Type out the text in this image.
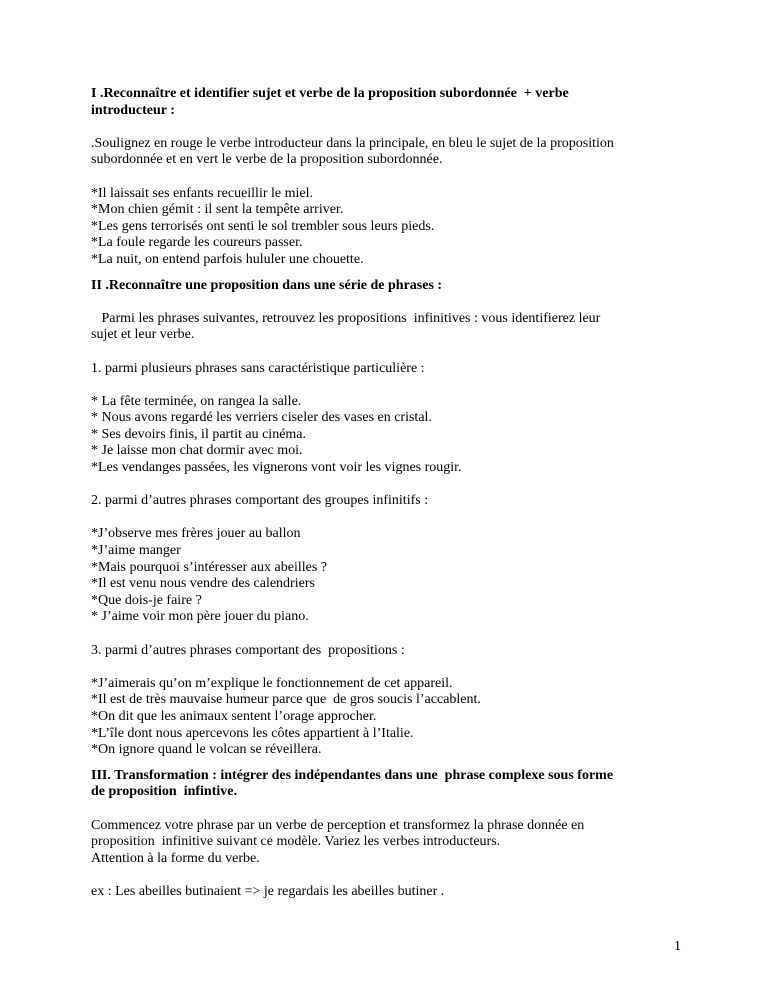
I .Reconnaître et identifier sujet et verbe de la proposition subordonnée  + verbe

introducteur :

.Soulignez en rouge le verbe introducteur dans la principale, en bleu le sujet de la proposition

subordonnée et en vert le verbe de la proposition subordonnée.

*Il laissait ses enfants recueillir le miel.

*Mon chien gémit : il sent la tempête arriver.

*Les gens terrorisés ont senti le sol trembler sous leurs pieds.

*La foule regarde les coureurs passer.

*La nuit, on entend parfois hululer une chouette.

II .Reconnaître une proposition dans une série de phrases :

Parmi les phrases suivantes, retrouvez les propositions  infinitives : vous identifierez leur

sujet et leur verbe.

1. parmi plusieurs phrases sans caractéristique particulière :

* La fête terminée, on rangea la salle.

* Nous avons regardé les verriers ciseler des vases en cristal.

* Ses devoirs finis, il partit au cinéma.

* Je laisse mon chat dormir avec moi.

*Les vendanges passées, les vignerons vont voir les vignes rougir.

2. parmi d’autres phrases comportant des groupes infinitifs :

*J’observe mes frères jouer au ballon

*J’aime manger

*Mais pourquoi s’intéresser aux abeilles ?

*Il est venu nous vendre des calendriers

*Que dois-je faire ?

* J’aime voir mon père jouer du piano.

3. parmi d’autres phrases comportant des  propositions :

*J’aimerais qu’on m’explique le fonctionnement de cet appareil.

*Il est de très mauvaise humeur parce que  de gros soucis l’accablent.

*On dit que les animaux sentent l’orage approcher.

*L’île dont nous apercevons les côtes appartient à l’Italie.

*On ignore quand le volcan se réveillera.

III. Transformation : intégrer des indépendantes dans une  phrase complexe sous forme

de proposition  infintive.

Commencez votre phrase par un verbe de perception et transformez la phrase donnée en

proposition  infinitive suivant ce modèle. Variez les verbes introducteurs.

Attention à la forme du verbe.

ex : Les abeilles butinaient => je regardais les abeilles butiner .

1
